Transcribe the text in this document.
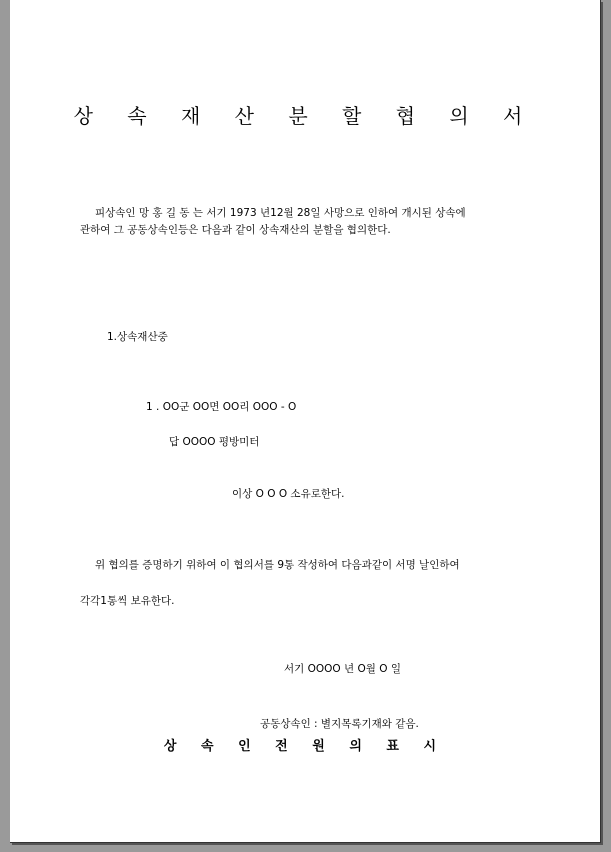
상 속 재 산 분 할 협 의 서
피상속인 망 홍 길 동 는 서기 1973 년12월 28일 사망으로 인하여 개시된 상속에
관하여 그 공동상속인등은 다음과 같이 상속재산의 분할을 협의한다.
1.상속재산중
1 . OO군 OO면 OO리 OOO - O
답 OOOO 평방미터
이상 O O O 소유로한다.
위 협의를 증명하기 위하여 이 협의서를 9통 작성하여 다음과같이 서명 날인하여
각각1통씩 보유한다.
서기 OOOO 년 O월 O 일
공동상속인 : 별지목록기재와 같음.
상 속 인 전 원 의 표 시
